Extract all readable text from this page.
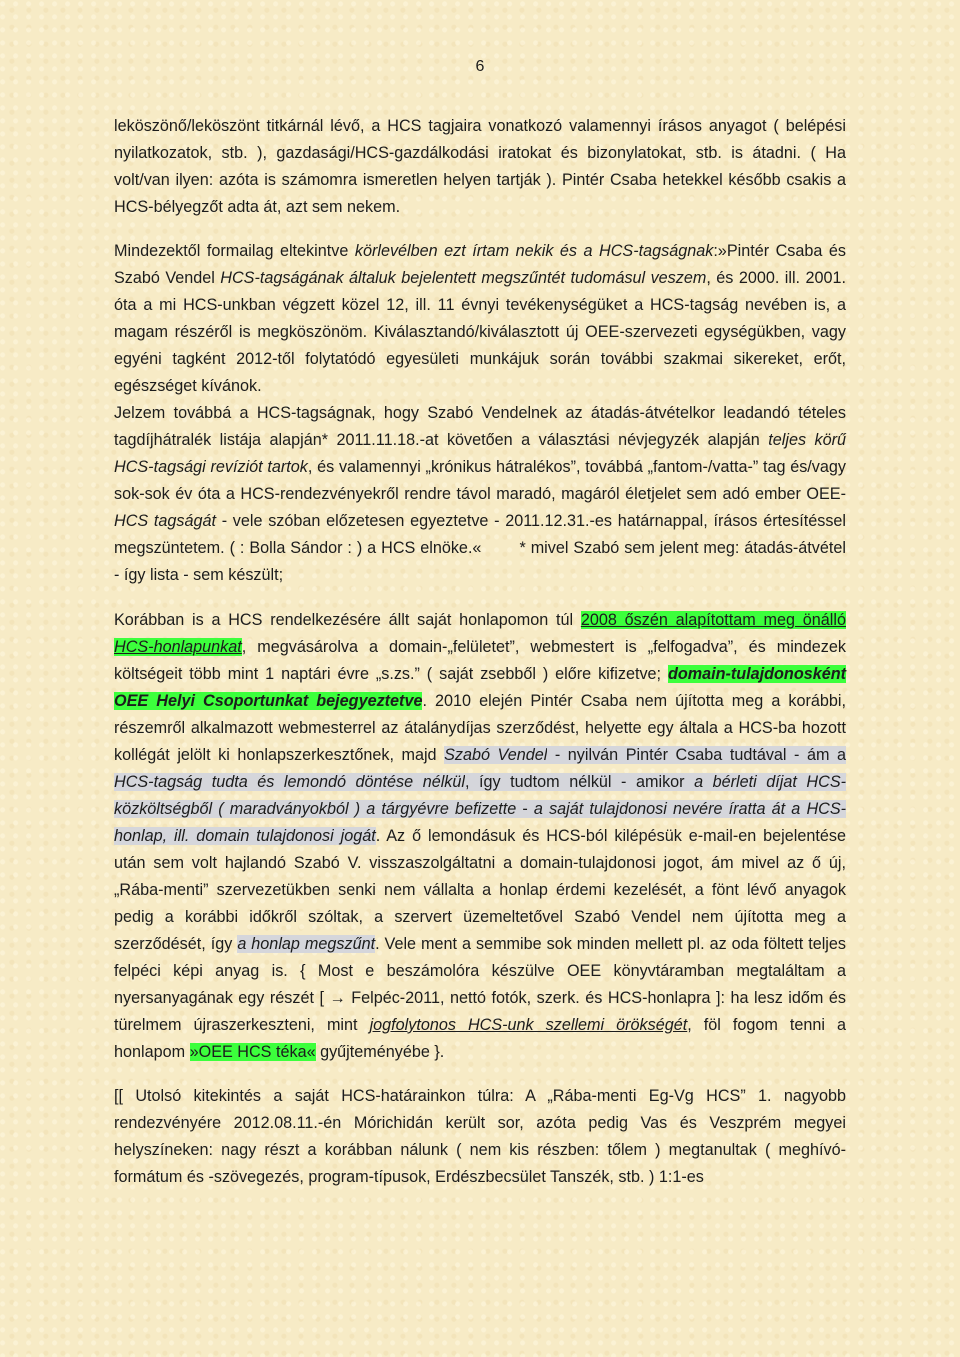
6

leköszönő/leköszönt titkárnál lévő, a HCS tagjaira vonatkozó valamennyi írásos anyagot ( belépési nyilatkozatok, stb. ), gazdasági/HCS-gazdálkodási iratokat és bizonylatokat, stb. is átadni. ( Ha volt/van ilyen: azóta is számomra ismeretlen helyen tartják ). Pintér Csaba hetekkel később csakis a HCS-bélyegzőt adta át, azt sem nekem.

Mindezektől formailag eltekintve körlevélben ezt írtam nekik és a HCS-tagságnak:»Pintér Csaba és Szabó Vendel HCS-tagságának általuk bejelentett megszűntét tudomásul veszem, és 2000. ill. 2001. óta a mi HCS-unkban végzett közel 12, ill. 11 évnyi tevékenységüket a HCS-tagság nevében is, a magam részéről is megköszönöm. Kiválasztandó/kiválasztott új OEE-szervezeti egységükben, vagy egyéni tagként 2012-től folytatódó egyesületi munkájuk során további szakmai sikereket, erőt, egészséget kívánok.

Jelzem továbbá a HCS-tagságnak, hogy Szabó Vendelnek az átadás-átvételkor leadandó tételes tagdíjhátralék listája alapján* 2011.11.18.-at követően a választási névjegyzék alapján teljes körű HCS-tagsági revíziót tartok, és valamennyi „krónikus hátralékos”, továbbá „fantom-/vatta-” tag és/vagy sok-sok év óta a HCS-rendezvényekről rendre távol maradó, magáról életjelet sem adó ember OEE-HCS tagságát - vele szóban előzetesen egyeztetve - 2011.12.31.-es határnappal, írásos értesítéssel megszüntetem. ( : Bolla Sándor : ) a HCS elnöke.« * mivel Szabó sem jelent meg: átadás-átvétel - így lista - sem készült;

Korábban is a HCS rendelkezésére állt saját honlapomon túl 2008 őszén alapítottam meg önálló HCS-honlapunkat, megvásárolva a domain-„felületet”, webmestert is „felfogadva”, és mindezek költségeit több mint 1 naptári évre „s.zs.” ( saját zsebből ) előre kifizetve; domain-tulajdonosként OEE Helyi Csoportunkat bejegyeztetve. 2010 elején Pintér Csaba nem újította meg a korábbi, részemről alkalmazott webmesterrel az átalánydíjas szerződést, helyette egy általa a HCS-ba hozott kollégát jelölt ki honlapszerkesztőnek, majd Szabó Vendel - nyilván Pintér Csaba tudtával - ám a HCS-tagság tudta és lemondó döntése nélkül, így tudtom nélkül - amikor a bérleti díjat HCS-közköltségből ( maradványokból ) a tárgyévre befizette - a saját tulajdonosi nevére íratta át a HCS-honlap, ill. domain tulajdonosi jogát. Az ő lemondásuk és HCS-ból kilépésük e-mail-en bejelentése után sem volt hajlandó Szabó V. visszaszolgáltatni a domain-tulajdonosi jogot, ám mivel az ő új, „Rába-menti” szervezetükben senki nem vállalta a honlap érdemi kezelését, a fönt lévő anyagok pedig a korábbi időkről szóltak, a szervert üzemeltetővel Szabó Vendel nem újította meg a szerződését, így a honlap megszűnt. Vele ment a semmibe sok minden mellett pl. az oda föltett teljes felpéci képi anyag is. { Most e beszámolóra készülve OEE könyvtáramban megtaláltam a nyersanyagának egy részét [ → Felpéc-2011, nettó fotók, szerk. és HCS-honlapra ]: ha lesz időm és türelmem újraszerkeszteni, mint jogfolytonos HCS-unk szellemi örökségét, föl fogom tenni a honlapom »OEE HCS téka« gyűjteményébe }.

[[ Utolsó kitekintés a saját HCS-határainkon túlra: A „Rába-menti Eg-Vg HCS” 1. nagyobb rendezvényére 2012.08.11.-én Mórichidán került sor, azóta pedig Vas és Veszprém megyei helyszíneken: nagy részt a korábban nálunk ( nem kis részben: tőlem ) megtanultak ( meghívó-formátum és -szövegezés, program-típusok, Erdészbecsület Tanszék, stb. ) 1:1-es
